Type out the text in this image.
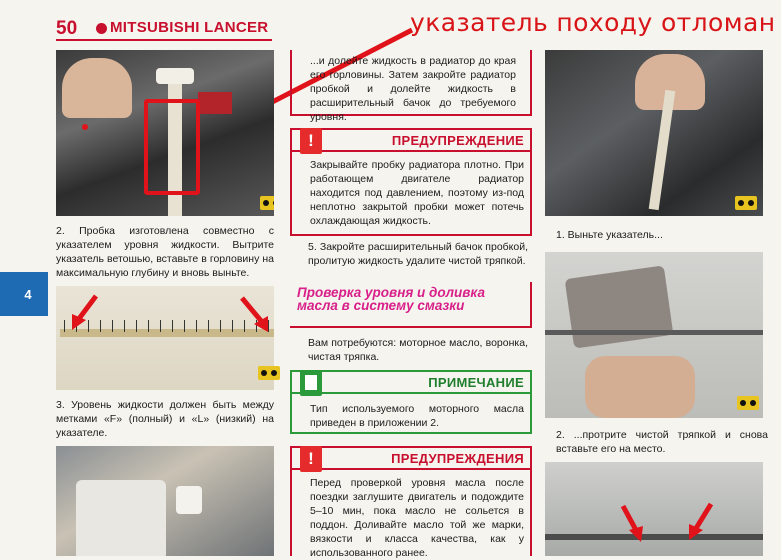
50 MITSUBISHI LANCER	указатель походу отломан
2. Пробка изготовлена совместно с указателем уровня жидкости. Вытрите указатель ветошью, вставьте в горловину на максимальную глубину и вновь выньте.
4
3. Уровень жидкости должен быть между метками «F» (полный) и «L» (низкий) на указателе.
...и долейте жидкость в радиатор до края его горловины. Затем закройте радиатор пробкой и долейте жидкость в расширительный бачок до требуемого уровня.
!	ПРЕДУПРЕЖДЕНИЕ
Закрывайте пробку радиатора плотно. При работающем двигателе радиатор находится под давлением, поэтому из-под неплотно закрытой пробки может потечь охлаждающая жидкость.
5. Закройте расширительный бачок пробкой, пролитую жидкость удалите чистой тряпкой.
Проверка уровня и доливка масла в систему смазки
Вам потребуются: моторное масло, воронка, чистая тряпка.
ПРИМЕЧАНИЕ
Тип используемого моторного масла приведен в приложении 2.
!	ПРЕДУПРЕЖДЕНИЯ
Перед проверкой уровня масла после поездки заглушите двигатель и подождите 5–10 мин, пока масло не сольется в поддон. Доливайте масло той же марки, вязкости и класса качества, как у использованного ранее.
1. Выньте указатель...
2. ...протрите чистой тряпкой и снова вставьте его на место.
